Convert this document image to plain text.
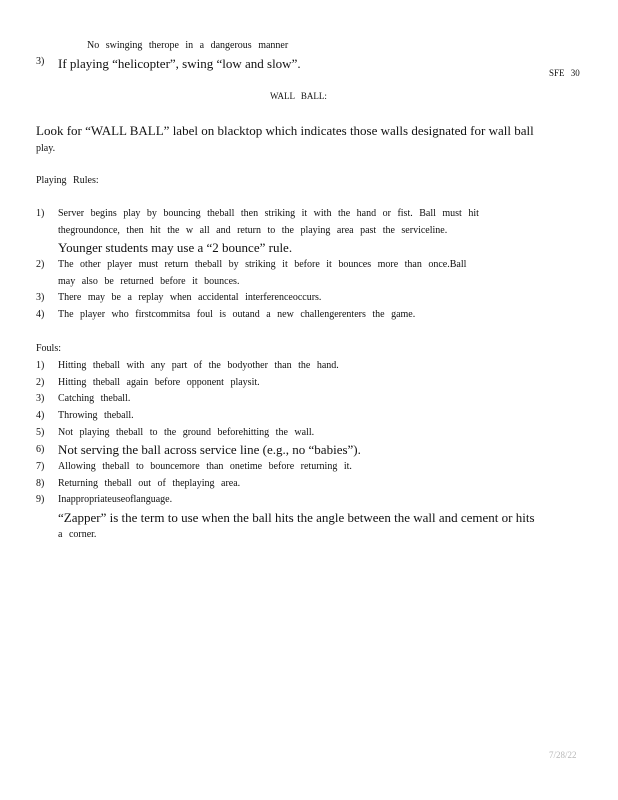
No swinging therope in a dangerous manner
3) If playing “helicopter”, swing “low and slow”.
SFE 30
WALL BALL:
Look for “WALL BALL” label on blacktop which indicates those walls designated for wall ball
play.
Playing Rules:
1) Server begins play by bouncing theball then striking it with the hand or fist. Ball must hit
thegroundonce, then hit the w all and return to the playing area past the serviceline.
Younger students may use a “2 bounce” rule.
2) The other player must return theball by striking it before it bounces more than once.Ball
may also be returned before it bounces.
3) There may be a replay when accidental interferenceoccurs.
4) The player who firstcommitsa foul is outand a new challengerenters the game.
Fouls:
1) Hitting theball with any part of the bodyother than the hand.
2) Hitting theball again before opponent playsit.
3) Catching theball.
4) Throwing theball.
5) Not playing theball to the ground beforehitting the wall.
6) Not serving the ball across service line (e.g., no “babies”).
7) Allowing theball to bouncemore than onetime before returning it.
8) Returning theball out of theplaying area.
9) Inappropriateuseoflanguage.
“Zapper” is the term to use when the ball hits the angle between the wall and cement or hits
a corner.
7/28/22
